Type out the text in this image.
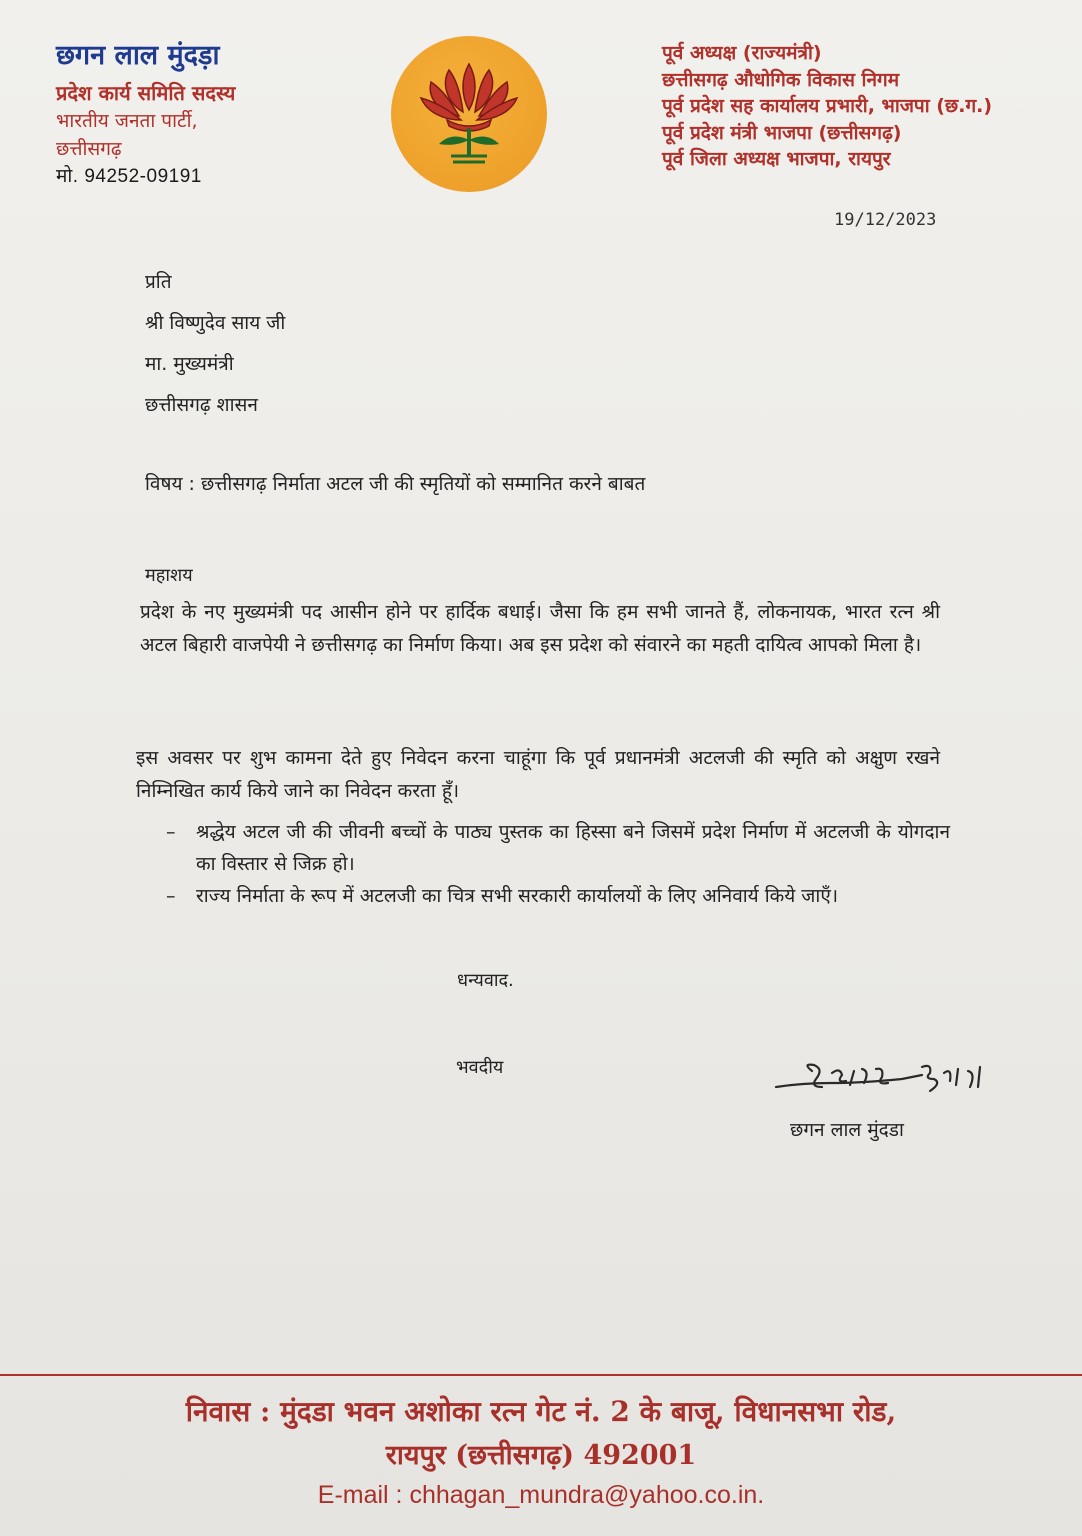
छगन लाल मुंदड़ा
प्रदेश कार्य समिति सदस्य
भारतीय जनता पार्टी,
छत्तीसगढ़
मो. 94252-09191
पूर्व अध्यक्ष (राज्यमंत्री)
छत्तीसगढ़ औधोगिक विकास निगम
पूर्व प्रदेश सह कार्यालय प्रभारी, भाजपा (छ.ग.)
पूर्व प्रदेश मंत्री भाजपा (छत्तीसगढ़)
पूर्व जिला अध्यक्ष भाजपा, रायपुर
19/12/2023
प्रति
श्री विष्णुदेव साय जी
मा. मुख्यमंत्री
छत्तीसगढ़ शासन
विषय : छत्तीसगढ़ निर्माता अटल जी की स्मृतियों को सम्मानित करने बाबत
महाशय
प्रदेश के नए मुख्यमंत्री पद आसीन होने पर हार्दिक बधाई। जैसा कि हम सभी जानते हैं, लोकनायक, भारत रत्न श्री अटल बिहारी वाजपेयी ने छत्तीसगढ़ का निर्माण किया। अब इस प्रदेश को संवारने का महती दायित्व आपको मिला है।
इस अवसर पर शुभ कामना देते हुए निवेदन करना चाहूंगा कि पूर्व प्रधानमंत्री अटलजी की स्मृति को अक्षुण रखने निम्निखित कार्य किये जाने का निवेदन करता हूँ।
– श्रद्धेय अटल जी की जीवनी बच्चों के पाठ्य पुस्तक का हिस्सा बने जिसमें प्रदेश निर्माण में अटलजी के योगदान का विस्तार से जिक्र हो।
– राज्य निर्माता के रूप में अटलजी का चित्र सभी सरकारी कार्यालयों के लिए अनिवार्य किये जाएँ।
धन्यवाद.
भवदीय
छगन लाल मुंदडा
निवास : मुंदडा भवन अशोका रत्न गेट नं. 2 के बाजू, विधानसभा रोड,
रायपुर (छत्तीसगढ़) 492001
E-mail : chhagan_mundra@yahoo.co.in.
